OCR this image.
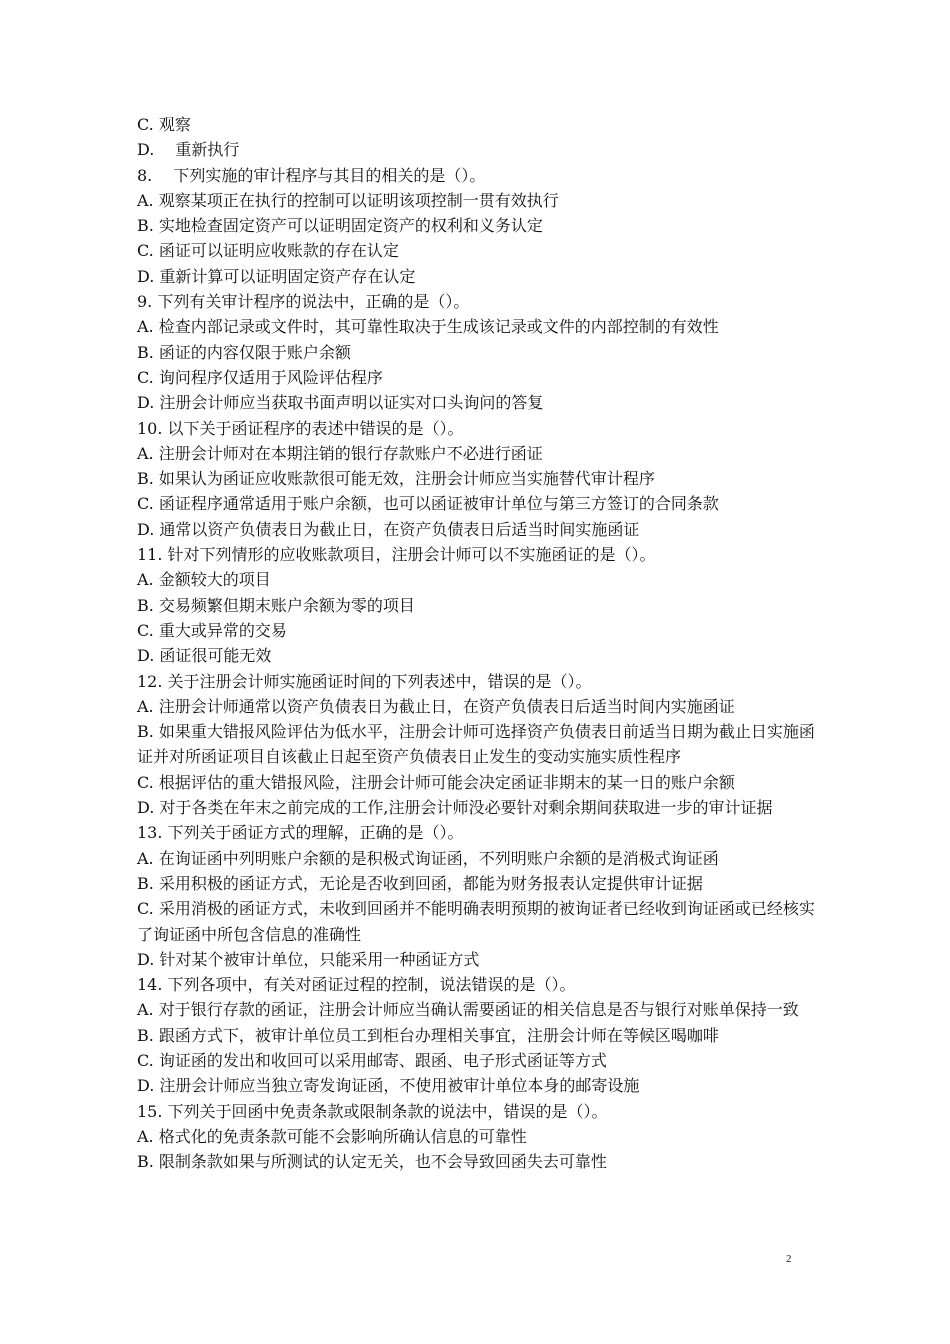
C. 观察

D.　 重新执行

8.　 下列实施的审计程序与其目的相关的是（）。

A. 观察某项正在执行的控制可以证明该项控制一贯有效执行

B. 实地检查固定资产可以证明固定资产的权利和义务认定

C. 函证可以证明应收账款的存在认定

D. 重新计算可以证明固定资产存在认定

9. 下列有关审计程序的说法中，正确的是（）。

A. 检查内部记录或文件时，其可靠性取决于生成该记录或文件的内部控制的有效性

B. 函证的内容仅限于账户余额

C. 询问程序仅适用于风险评估程序

D. 注册会计师应当获取书面声明以证实对口头询问的答复

10. 以下关于函证程序的表述中错误的是（）。

A. 注册会计师对在本期注销的银行存款账户不必进行函证

B. 如果认为函证应收账款很可能无效，注册会计师应当实施替代审计程序

C. 函证程序通常适用于账户余额，也可以函证被审计单位与第三方签订的合同条款

D. 通常以资产负债表日为截止日，在资产负债表日后适当时间实施函证

11. 针对下列情形的应收账款项目，注册会计师可以不实施函证的是（）。

A. 金额较大的项目

B. 交易频繁但期末账户余额为零的项目

C. 重大或异常的交易

D. 函证很可能无效

12. 关于注册会计师实施函证时间的下列表述中，错误的是（）。

A. 注册会计师通常以资产负债表日为截止日，在资产负债表日后适当时间内实施函证

B. 如果重大错报风险评估为低水平，注册会计师可选择资产负债表日前适当日期为截止日实施函证并对所函证项目自该截止日起至资产负债表日止发生的变动实施实质性程序

C. 根据评估的重大错报风险，注册会计师可能会决定函证非期末的某一日的账户余额

D. 对于各类在年末之前完成的工作,注册会计师没必要针对剩余期间获取进一步的审计证据

13. 下列关于函证方式的理解，正确的是（）。

A. 在询证函中列明账户余额的是积极式询证函，不列明账户余额的是消极式询证函

B. 采用积极的函证方式，无论是否收到回函，都能为财务报表认定提供审计证据

C. 采用消极的函证方式，未收到回函并不能明确表明预期的被询证者已经收到询证函或已经核实了询证函中所包含信息的准确性

D. 针对某个被审计单位，只能采用一种函证方式

14. 下列各项中，有关对函证过程的控制，说法错误的是（）。

A. 对于银行存款的函证，注册会计师应当确认需要函证的相关信息是否与银行对账单保持一致

B. 跟函方式下，被审计单位员工到柜台办理相关事宜，注册会计师在等候区喝咖啡

C. 询证函的发出和收回可以采用邮寄、跟函、电子形式函证等方式

D. 注册会计师应当独立寄发询证函，不使用被审计单位本身的邮寄设施

15. 下列关于回函中免责条款或限制条款的说法中，错误的是（）。

A. 格式化的免责条款可能不会影响所确认信息的可靠性

B. 限制条款如果与所测试的认定无关，也不会导致回函失去可靠性

2
